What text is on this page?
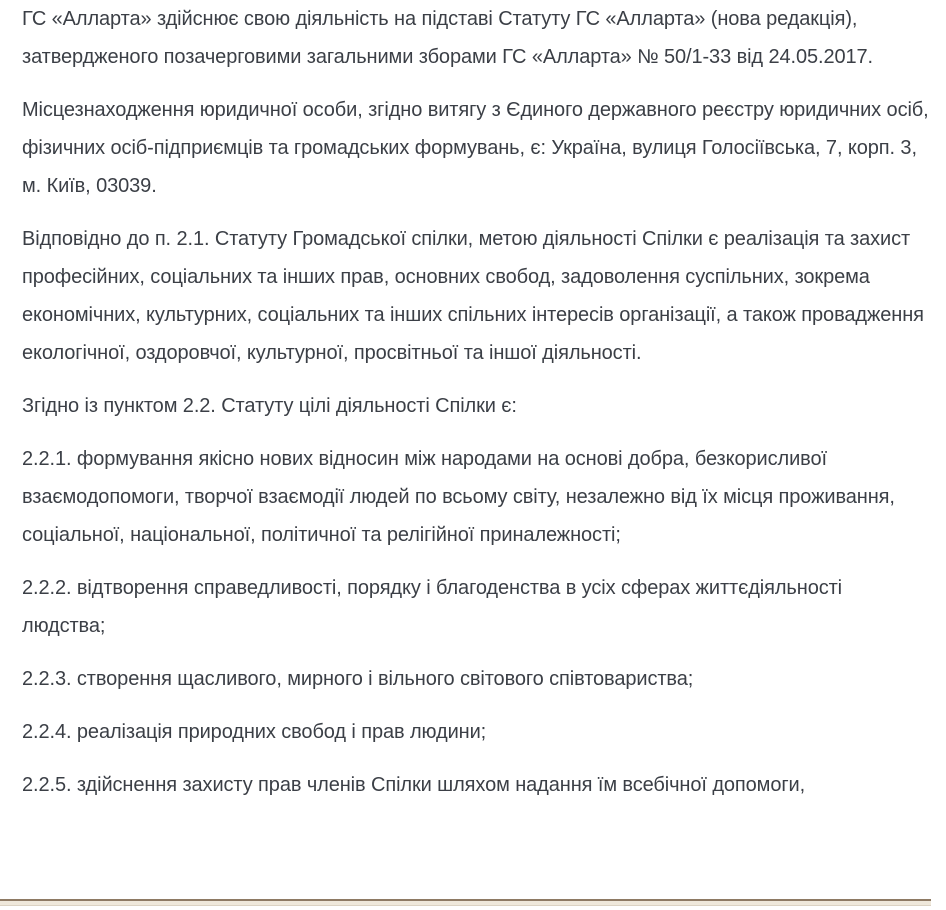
ГС «Алларта» здійснює свою діяльність на підставі Статуту ГС «Алларта» (нова редакція), затвердженого позачерговими загальними зборами ГС «Алларта» № 50/1-33 від 24.05.2017.

Місцезнаходження юридичної особи, згідно витягу з Єдиного державного реєстру юридичних осіб, фізичних осіб-підприємців та громадських формувань, є: Україна, вулиця Голосіївська, 7, корп. 3, м. Київ, 03039.

Відповідно до п. 2.1. Статуту Громадської спілки, метою діяльності Спілки є реалізація та захист професійних, соціальних та інших прав, основних свобод, задоволення суспільних, зокрема економічних, культурних, соціальних та інших спільних інтересів організації, а також провадження екологічної, оздоровчої, культурної, просвітньої та іншої діяльності.

Згідно із пунктом 2.2. Статуту цілі діяльності Спілки є:

2.2.1. формування якісно нових відносин між народами на основі добра, безкорисливої взаємодопомоги, творчої взаємодії людей по всьому світу, незалежно від їх місця проживання, соціальної, національної, політичної та релігійної приналежності;

2.2.2. відтворення справедливості, порядку і благоденства в усіх сферах життєдіяльності людства;

2.2.3. створення щасливого, мирного і вільного світового співтовариства;

2.2.4. реалізація природних свобод і прав людини;

2.2.5. здійснення захисту прав членів Спілки шляхом надання їм всебічної допомоги,
